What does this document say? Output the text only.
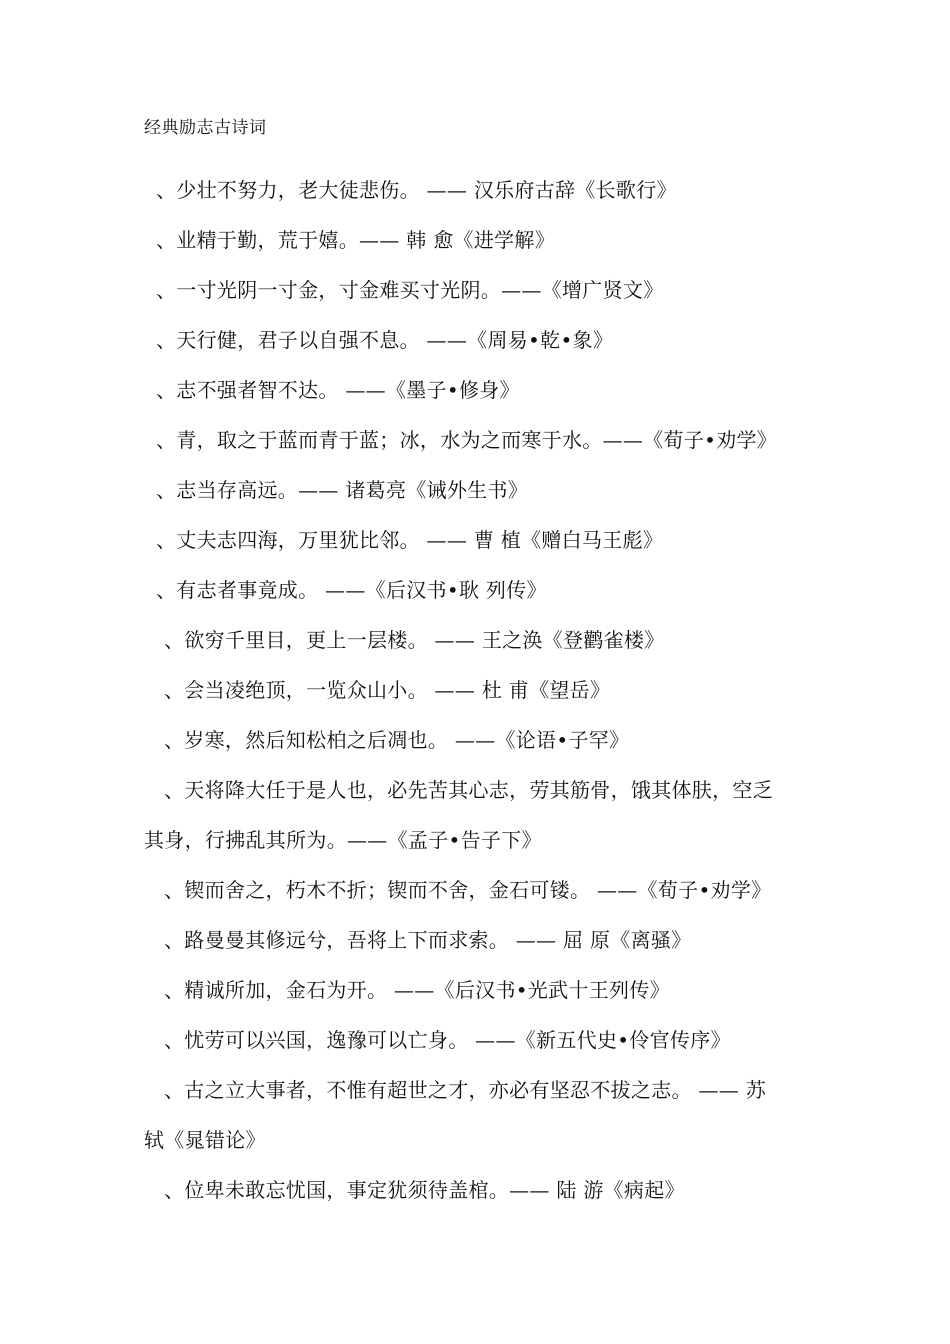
经典励志古诗词
、少壮不努力，老大徒悲伤。 —— 汉乐府古辞《长歌行》
、业精于勤，荒于嬉。—— 韩 愈《进学解》
、一寸光阴一寸金，寸金难买寸光阴。——《增广贤文》
、天行健，君子以自强不息。 ——《周易•乾•象》
、志不强者智不达。 ——《墨子•修身》
、青，取之于蓝而青于蓝；冰，水为之而寒于水。——《荀子•劝学》
、志当存高远。—— 诸葛亮《诫外生书》
、丈夫志四海，万里犹比邻。 —— 曹 植《赠白马王彪》
、有志者事竟成。 ——《后汉书•耿 列传》
、欲穷千里目，更上一层楼。 —— 王之涣《登鹳雀楼》
、会当凌绝顶，一览众山小。 —— 杜 甫《望岳》
、岁寒，然后知松柏之后凋也。 ——《论语•子罕》
、天将降大任于是人也，必先苦其心志，劳其筋骨，饿其体肤，空乏
其身，行拂乱其所为。——《孟子•告子下》
、锲而舍之，朽木不折；锲而不舍，金石可镂。 ——《荀子•劝学》
、路曼曼其修远兮，吾将上下而求索。 —— 屈 原《离骚》
、精诚所加，金石为开。 ——《后汉书•光武十王列传》
、忧劳可以兴国，逸豫可以亡身。 ——《新五代史•伶官传序》
、古之立大事者，不惟有超世之才，亦必有坚忍不拔之志。 —— 苏
轼《晁错论》
、位卑未敢忘忧国，事定犹须待盖棺。—— 陆 游《病起》
